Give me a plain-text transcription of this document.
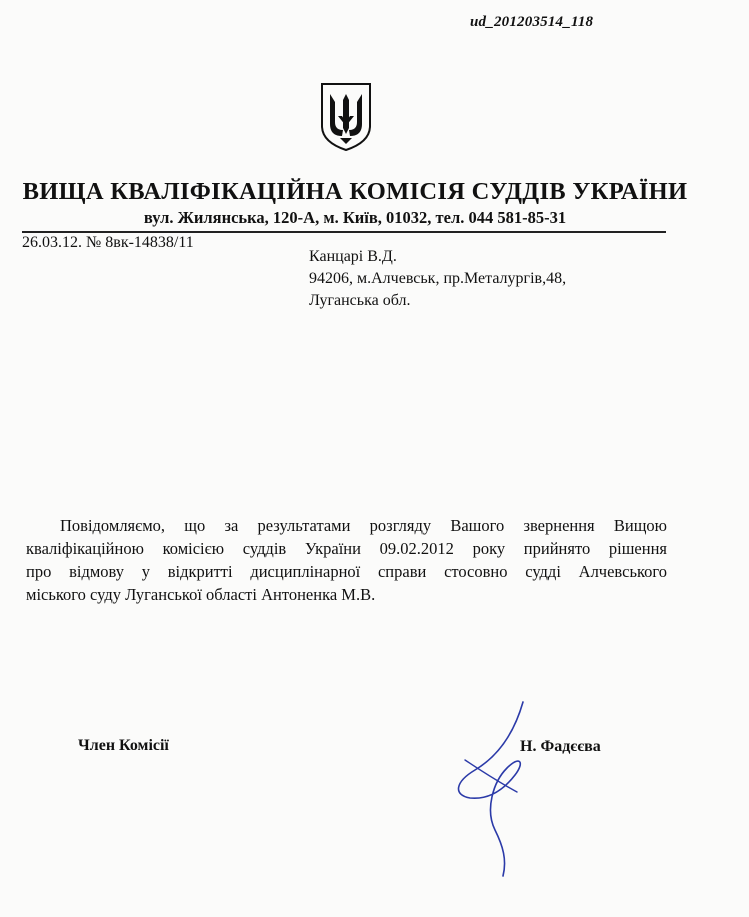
ud_201203514_118
ВИЩА КВАЛІФІКАЦІЙНА КОМІСІЯ СУДДІВ УКРАЇНИ
вул. Жилянська, 120-А, м. Київ, 01032, тел. 044 581-85-31
26.03.12. № 8вк-14838/11
Канцарі В.Д.
94206, м.Алчевськ, пр.Металургів,48,
Луганська обл.
Повідомляємо, що за результатами розгляду Вашого звернення Вищою
кваліфікаційною комісією суддів України 09.02.2012 року прийнято рішення
про відмову у відкритті дисциплінарної справи стосовно судді Алчевського
міського суду Луганської області Антоненка М.В.
Член Комісії	Н. Фадєєва
